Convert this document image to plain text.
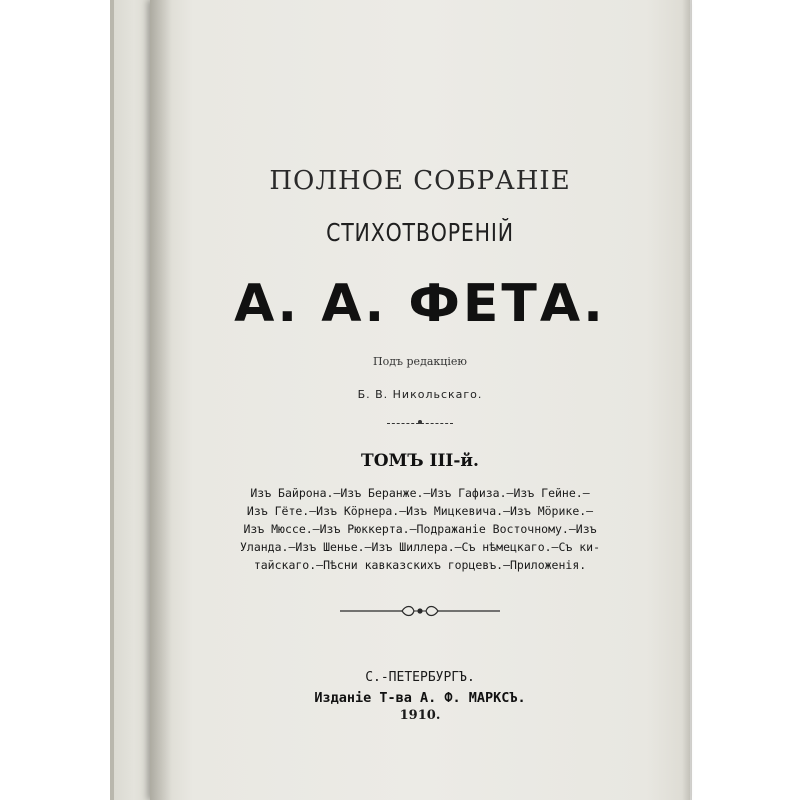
ПОЛНОЕ СОБРАНІЕ
СТИХОТВОРЕНІЙ
А. А. ФЕТА.
Подъ редакціею
Б. В. Никольскаго.
ТОМЪ III-й.
Изъ Байрона.—Изъ Беранже.—Изъ Гафиза.—Изъ Гейне.—
Изъ Гёте.—Изъ Кöрнера.—Изъ Мицкевича.—Изъ Мöрике.—
Изъ Мюссе.—Изъ Рюккерта.—Подражаніе Восточному.—Изъ
Уланда.—Изъ Шенье.—Изъ Шиллера.—Съ нѣмецкаго.—Съ ки-
тайскаго.—Пѣсни кавказскихъ горцевъ.—Приложенія.
С.-ПЕТЕРБУРГЪ.
Изданіе Т-ва А. Ф. МАРКСЪ.
1910.
